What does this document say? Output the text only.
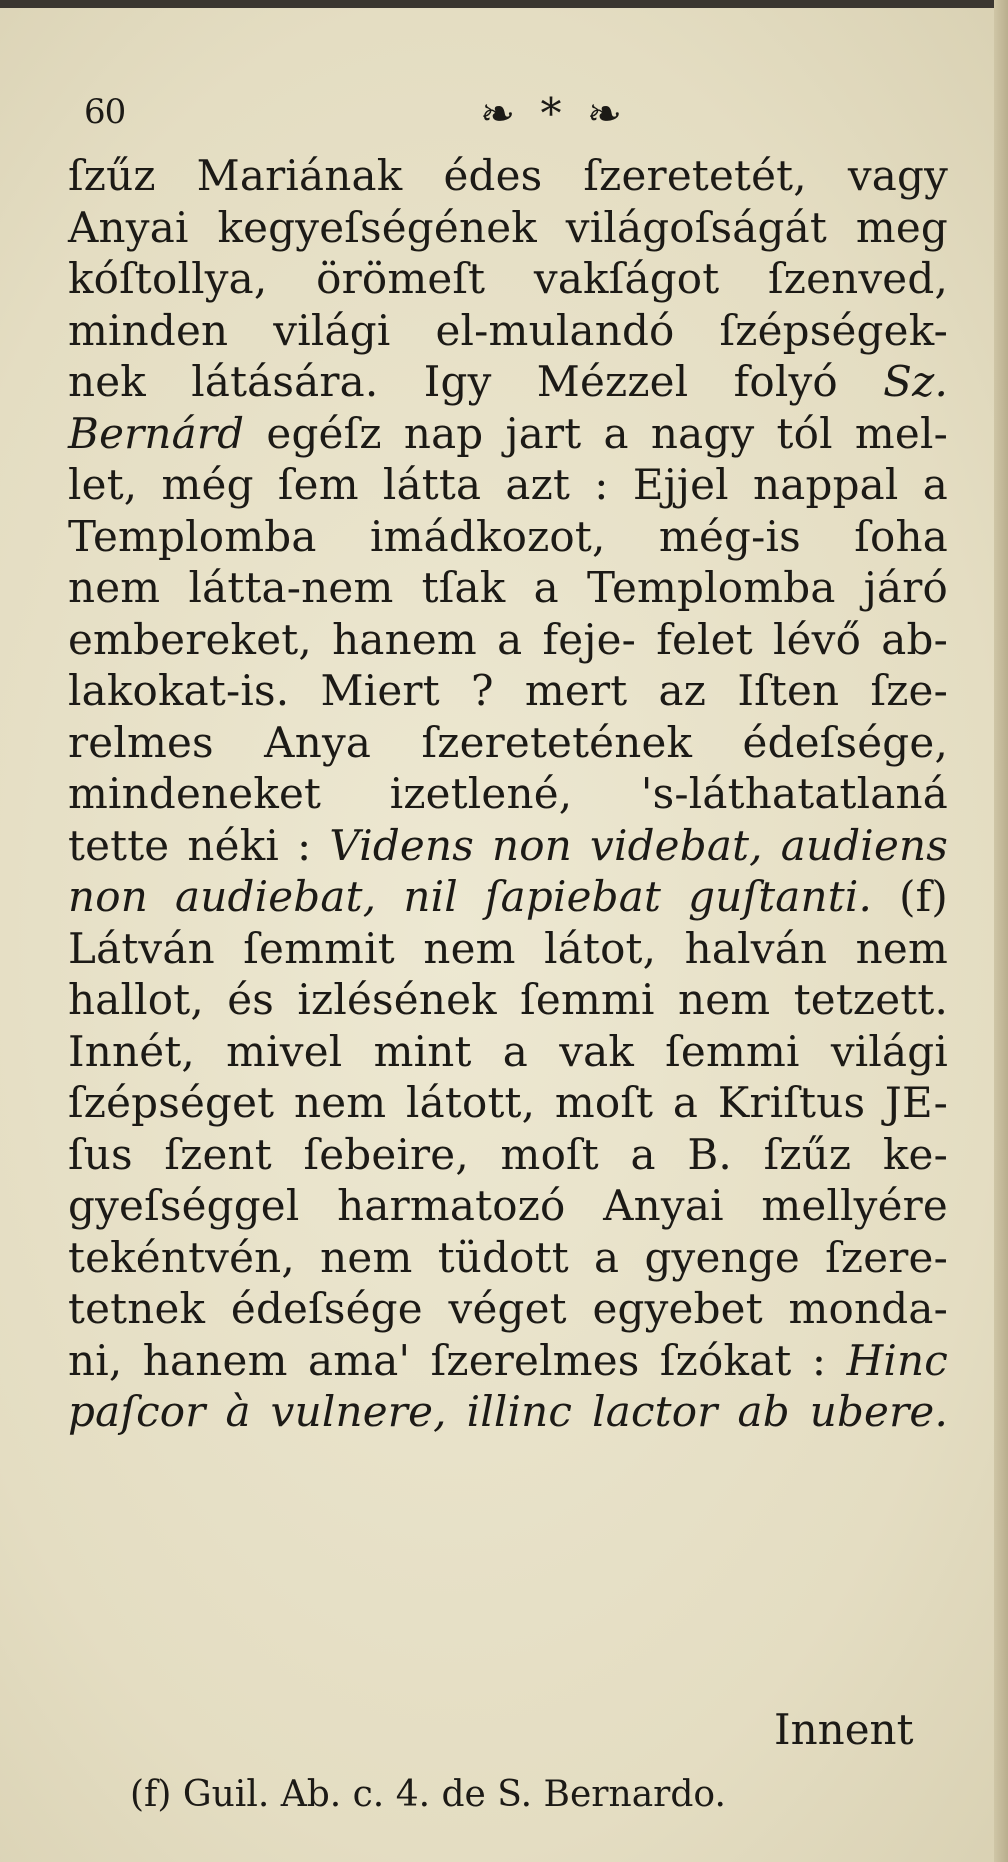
60	❧ * ❧
ſzűz Mariának édes ſzeretetét, vagy
Anyai kegyeſségének világoſságát meg
kóſtollya, örömeſt vakſágot ſzenved,
minden világi el-mulandó ſzépségek-
nek látására. Igy Mézzel folyó Sz.
Bernárd egéſz nap jart a nagy tól mel-
let, még ſem látta azt : Ejjel nappal a
Templomba imádkozot, még-is ſoha
nem látta-nem tſak a Templomba járó
embereket, hanem a feje- felet lévő ab-
lakokat-is. Miert ? mert az Iſten ſze-
relmes Anya ſzeretetének édeſsége,
mindeneket izetlené, 's-láthatatlaná
tette néki : Videns non videbat, audiens
non audiebat, nil ſapiebat guſtanti. (f)
Látván ſemmit nem látot, halván nem
hallot, és izlésének ſemmi nem tetzett.
Innét, mivel mint a vak ſemmi világi
ſzépséget nem látott, moſt a Kriſtus JE-
ſus ſzent ſebeire, moſt a B. ſzűz ke-
gyeſséggel harmatozó Anyai mellyére
tekéntvén, nem tüdott a gyenge ſzere-
tetnek édeſsége véget egyebet monda-
ni, hanem ama' ſzerelmes ſzókat : Hinc
paſcor à vulnere, illinc lactor ab ubere.
Innent
(f) Guil. Ab. c. 4. de S. Bernardo.
